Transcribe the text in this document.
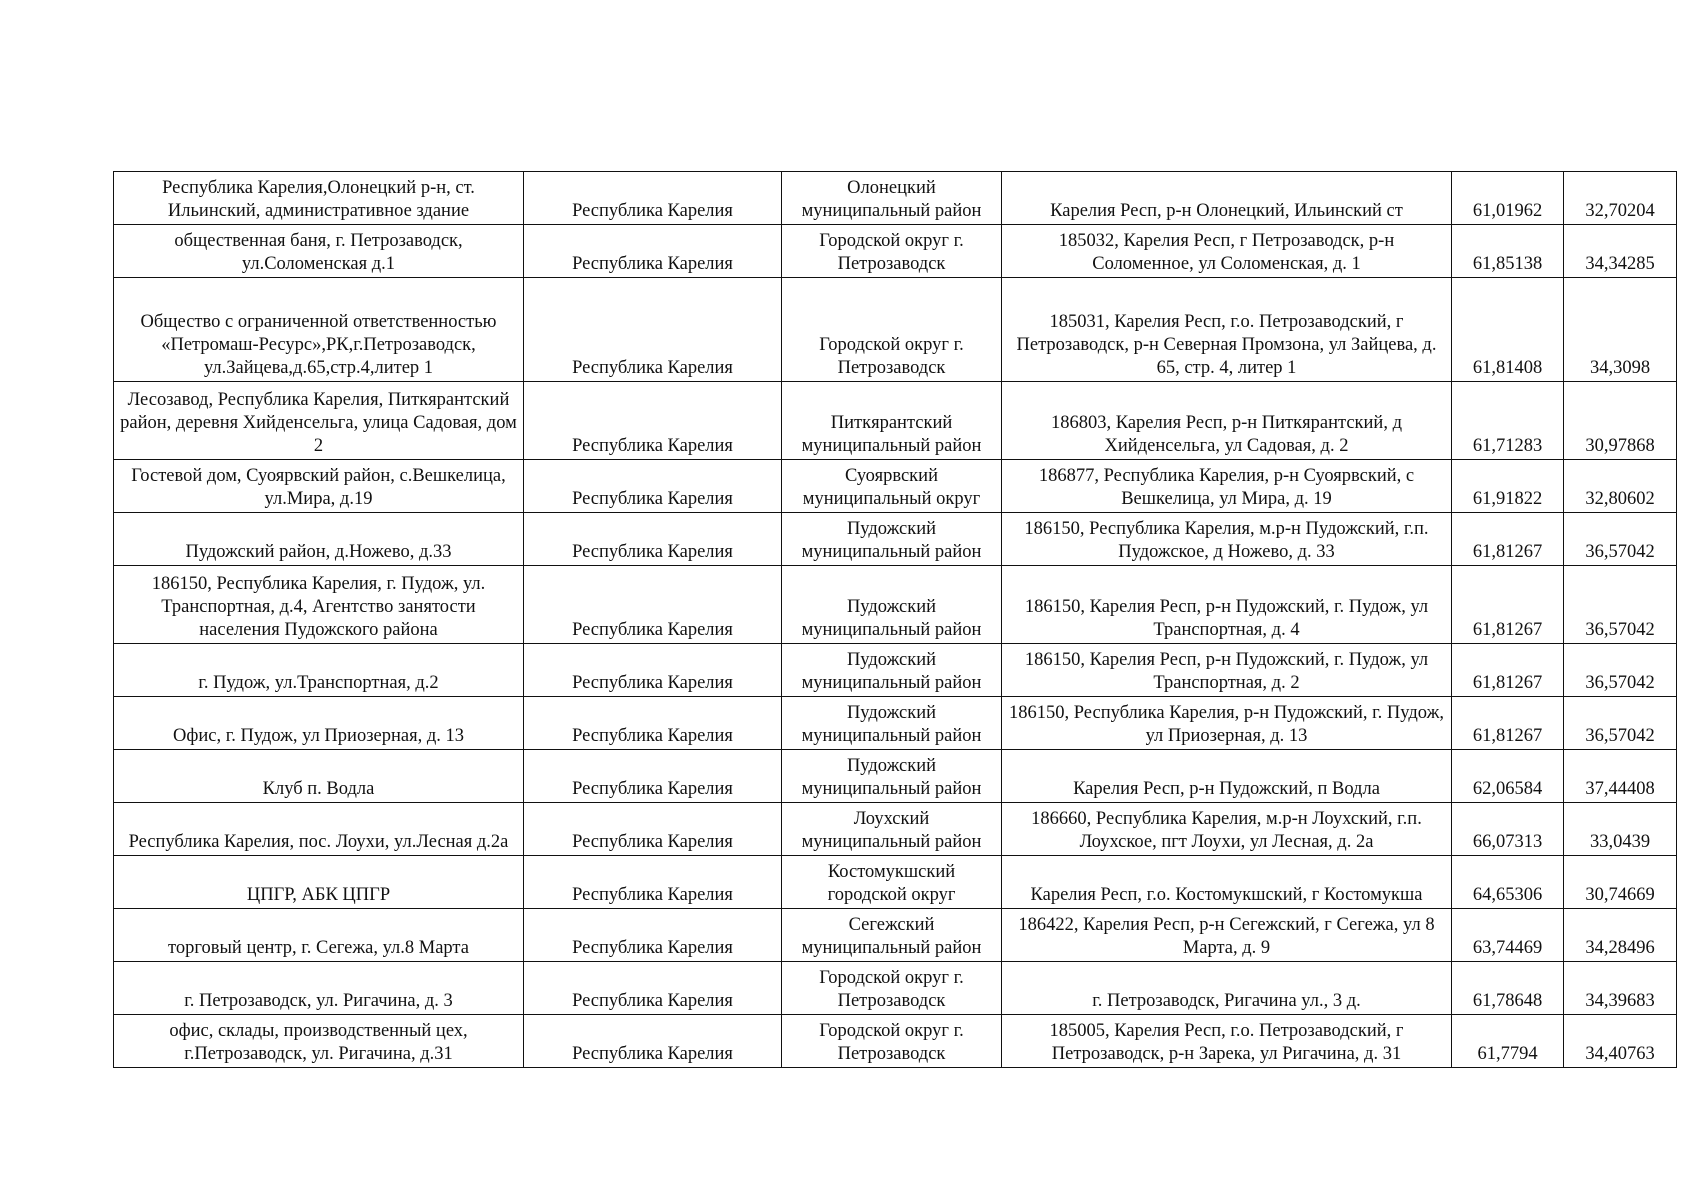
Республика Карелия,Олонецкий р-н, ст. Ильинский, административное здание	Республика Карелия	Олонецкий муниципальный район	Карелия Респ, р-н Олонецкий, Ильинский ст	61,01962	32,70204
общественная баня, г. Петрозаводск, ул.Соломенская д.1	Республика Карелия	Городской округ г. Петрозаводск	185032, Карелия Респ, г Петрозаводск, р-н Соломенное, ул Соломенская, д. 1	61,85138	34,34285
Общество с ограниченной ответственностью «Петромаш-Ресурс»,РК,г.Петрозаводск, ул.Зайцева,д.65,стр.4,литер 1	Республика Карелия	Городской округ г. Петрозаводск	185031, Карелия Респ, г.о. Петрозаводский, г Петрозаводск, р-н Северная Промзона, ул Зайцева, д. 65, стр. 4, литер 1	61,81408	34,3098
Лесозавод, Республика Карелия, Питкярантский район, деревня Хийденсельга, улица Садовая, дом 2	Республика Карелия	Питкярантский муниципальный район	186803, Карелия Респ, р-н Питкярантский, д Хийденсельга, ул Садовая, д. 2	61,71283	30,97868
Гостевой дом, Суоярвский район, с.Вешкелица, ул.Мира, д.19	Республика Карелия	Суоярвский муниципальный округ	186877, Республика Карелия, р-н Суоярвский, с Вешкелица, ул Мира, д. 19	61,91822	32,80602
Пудожский район, д.Ножево, д.33	Республика Карелия	Пудожский муниципальный район	186150, Республика Карелия, м.р-н Пудожский, г.п. Пудожское, д Ножево, д. 33	61,81267	36,57042
186150, Республика Карелия, г. Пудож, ул. Транспортная, д.4, Агентство занятости населения Пудожского района	Республика Карелия	Пудожский муниципальный район	186150, Карелия Респ, р-н Пудожский, г. Пудож, ул Транспортная, д. 4	61,81267	36,57042
г. Пудож, ул.Транспортная, д.2	Республика Карелия	Пудожский муниципальный район	186150, Карелия Респ, р-н Пудожский, г. Пудож, ул Транспортная, д. 2	61,81267	36,57042
Офис, г. Пудож, ул Приозерная, д. 13	Республика Карелия	Пудожский муниципальный район	186150, Республика Карелия, р-н Пудожский, г. Пудож, ул Приозерная, д. 13	61,81267	36,57042
Клуб п. Водла	Республика Карелия	Пудожский муниципальный район	Карелия Респ, р-н Пудожский, п Водла	62,06584	37,44408
Республика Карелия, пос. Лоухи, ул.Лесная д.2а	Республика Карелия	Лоухский муниципальный район	186660, Республика Карелия, м.р-н Лоухский, г.п. Лоухское, пгт Лоухи, ул Лесная, д. 2а	66,07313	33,0439
ЦПГР, АБК ЦПГР	Республика Карелия	Костомукшский городской округ	Карелия Респ, г.о. Костомукшский, г Костомукша	64,65306	30,74669
торговый центр, г. Сегежа, ул.8 Марта	Республика Карелия	Сегежский муниципальный район	186422, Карелия Респ, р-н Сегежский, г Сегежа, ул 8 Марта, д. 9	63,74469	34,28496
г. Петрозаводск, ул. Ригачина, д. 3	Республика Карелия	Городской округ г. Петрозаводск	г. Петрозаводск, Ригачина ул., 3 д.	61,78648	34,39683
офис, склады, производственный цех, г.Петрозаводск, ул. Ригачина, д.31	Республика Карелия	Городской округ г. Петрозаводск	185005, Карелия Респ, г.о. Петрозаводский, г Петрозаводск, р-н Зарека, ул Ригачина, д. 31	61,7794	34,40763
